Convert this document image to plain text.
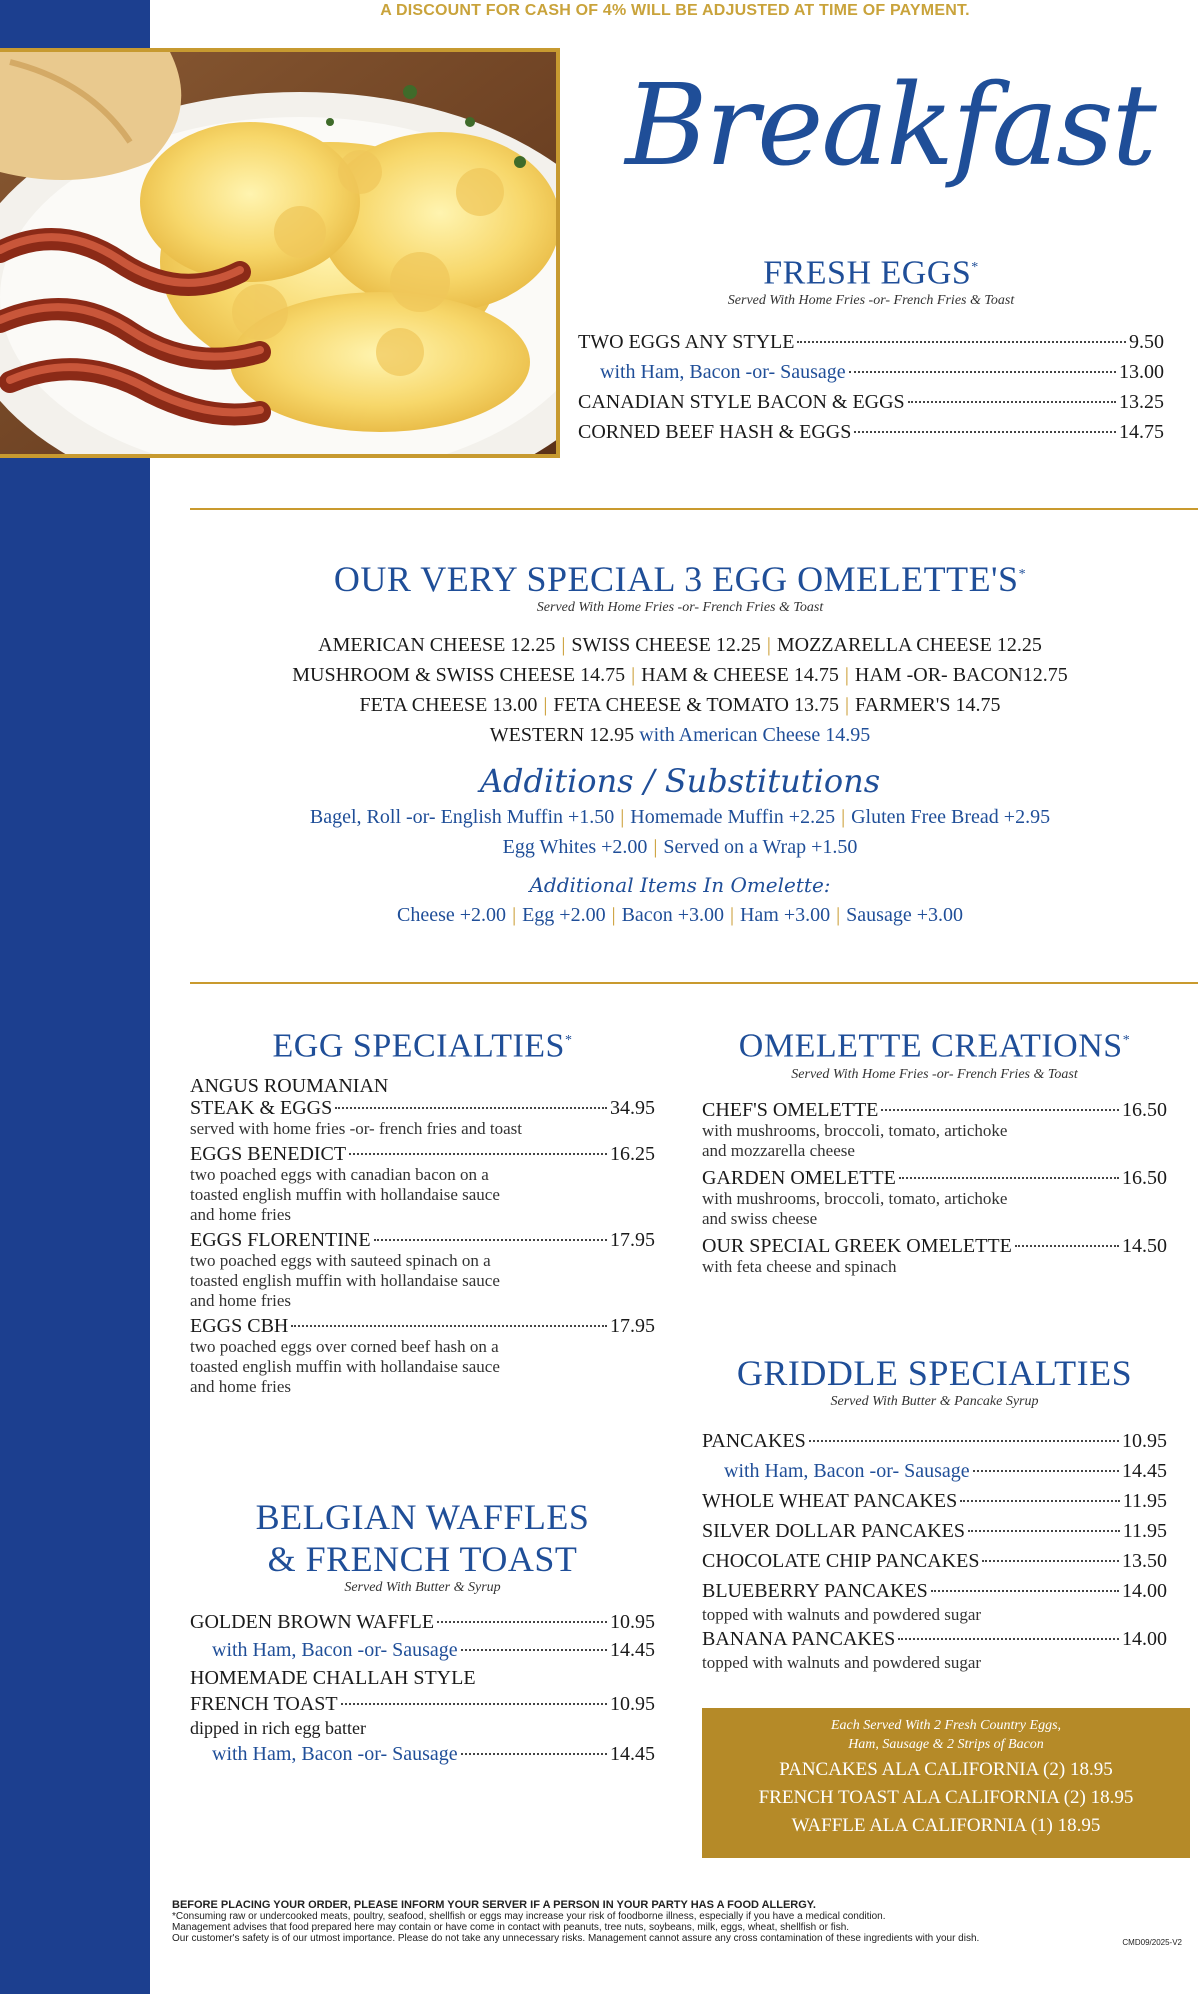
A DISCOUNT FOR CASH OF 4% WILL BE ADJUSTED AT TIME OF PAYMENT.
Breakfast
FRESH EGGS*

Served With Home Fries -or- French Fries & Toast

TWO EGGS ANY STYLE	9.50
with Ham, Bacon -or- Sausage	13.00
CANADIAN STYLE BACON & EGGS	13.25
CORNED BEEF HASH & EGGS	14.75
OUR VERY SPECIAL 3 EGG OMELETTE'S*

Served With Home Fries -or- French Fries & Toast

AMERICAN CHEESE 12.25 | SWISS CHEESE 12.25 | MOZZARELLA CHEESE 12.25
MUSHROOM & SWISS CHEESE 14.75 | HAM & CHEESE 14.75 | HAM -OR- BACON12.75
FETA CHEESE 13.00 | FETA CHEESE & TOMATO 13.75 | FARMER'S 14.75
WESTERN 12.95 with American Cheese 14.95
Additions / Substitutions
Bagel, Roll -or- English Muffin +1.50 | Homemade Muffin +2.25 | Gluten Free Bread +2.95
Egg Whites +2.00 | Served on a Wrap +1.50
Additional Items In Omelette:
Cheese +2.00 | Egg +2.00 | Bacon +3.00 | Ham +3.00 | Sausage +3.00
EGG SPECIALTIES*
ANGUS ROUMANIAN
STEAK & EGGS	34.95
served with home fries -or- french fries and toast
EGGS BENEDICT	16.25
two poached eggs with canadian bacon on a
toasted english muffin with hollandaise sauce
and home fries
EGGS FLORENTINE	17.95
two poached eggs with sauteed spinach on a
toasted english muffin with hollandaise sauce
and home fries
EGGS CBH	17.95
two poached eggs over corned beef hash on a
toasted english muffin with hollandaise sauce
and home fries
BELGIAN WAFFLES
& FRENCH TOAST

Served With Butter & Syrup

GOLDEN BROWN WAFFLE	10.95
with Ham, Bacon -or- Sausage	14.45
HOMEMADE CHALLAH STYLE
FRENCH TOAST	10.95
dipped in rich egg batter
with Ham, Bacon -or- Sausage	14.45
OMELETTE CREATIONS*

Served With Home Fries -or- French Fries & Toast

CHEF'S OMELETTE	16.50
with mushrooms, broccoli, tomato, artichoke
and mozzarella cheese
GARDEN OMELETTE	16.50
with mushrooms, broccoli, tomato, artichoke
and swiss cheese
OUR SPECIAL GREEK OMELETTE	14.50
with feta cheese and spinach
GRIDDLE SPECIALTIES

Served With Butter & Pancake Syrup

PANCAKES	10.95
with Ham, Bacon -or- Sausage	14.45
WHOLE WHEAT PANCAKES	11.95
SILVER DOLLAR PANCAKES	11.95
CHOCOLATE CHIP PANCAKES	13.50
BLUEBERRY PANCAKES	14.00
topped with walnuts and powdered sugar
BANANA PANCAKES	14.00
topped with walnuts and powdered sugar
Each Served With 2 Fresh Country Eggs,
Ham, Sausage & 2 Strips of Bacon
PANCAKES ALA CALIFORNIA (2) 18.95
FRENCH TOAST ALA CALIFORNIA (2) 18.95
WAFFLE ALA CALIFORNIA (1) 18.95
BEFORE PLACING YOUR ORDER, PLEASE INFORM YOUR SERVER IF A PERSON IN YOUR PARTY HAS A FOOD ALLERGY.
*Consuming raw or undercooked meats, poultry, seafood, shellfish or eggs may increase your risk of foodborne illness, especially if you have a medical condition.
Management advises that food prepared here may contain or have come in contact with peanuts, tree nuts, soybeans, milk, eggs, wheat, shellfish or fish.
Our customer's safety is of our utmost importance. Please do not take any unnecessary risks. Management cannot assure any cross contamination of these ingredients with your dish.	CMD09/2025-V2
